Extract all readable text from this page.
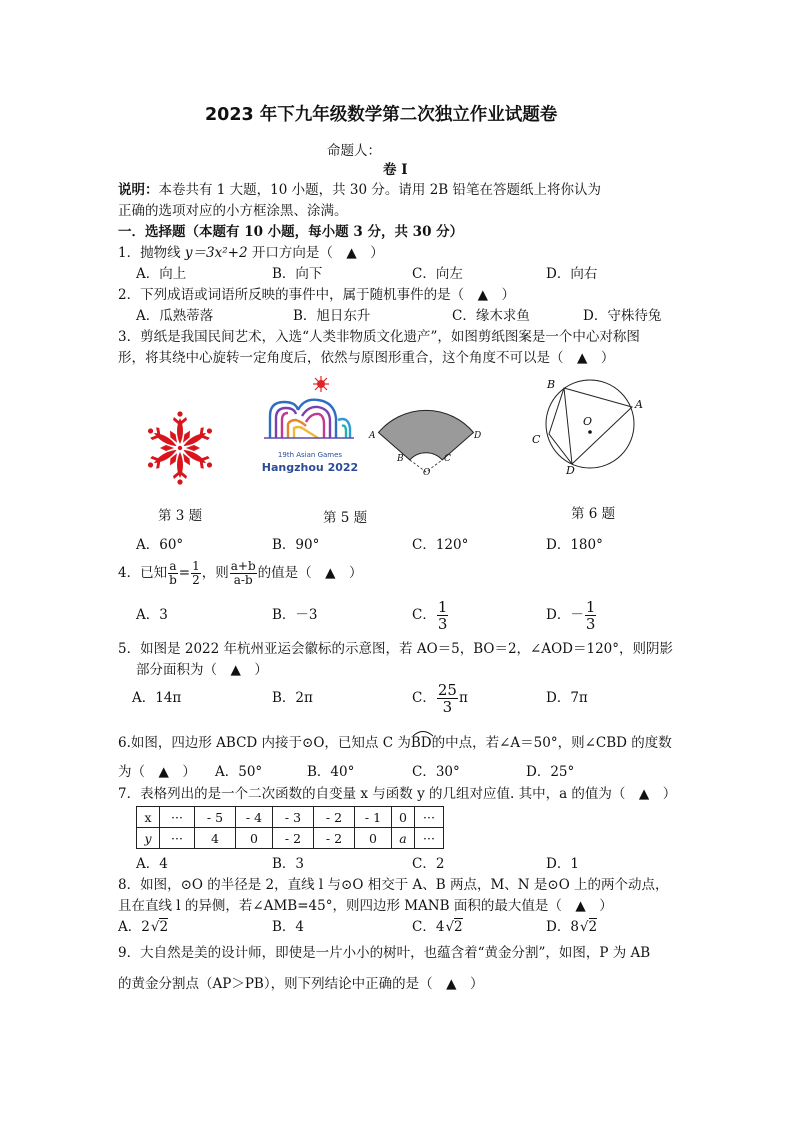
2023 年下九年级数学第二次独立作业试题卷
命题人：
卷 I
说明：本卷共有 1 大题，10 小题，共 30 分。请用 2B 铅笔在答题纸上将你认为
正确的选项对应的小方框涂黑、涂满。
一．选择题（本题有 10 小题，每小题 3 分，共 30 分）
1．抛物线 y＝3x²+2 开口方向是（　▲　）
A．向上	B．向下	C．向左	D．向右
2．下列成语或词语所反映的事件中，属于随机事件的是（　▲　）
A．瓜熟蒂落	B．旭日东升	C．缘木求鱼	D．守株待兔
3．剪纸是我国民间艺术，入选“人类非物质文化遗产”，如图剪纸图案是一个中心对称图
形，将其绕中心旋转一定角度后，依然与原图形重合，这个角度不可以是（　▲　）
第 3 题
19th Asian Games
Hangzhou 2022
A
B
O
C
D
第 5 题
B
A
O
C
D
第 6 题
A．60°	B．90°	C．120°	D．180°
4．已知 $\frac{a}{b} = \frac{1}{2}$ ，则 $\frac{a+b}{a-b}$ 的值是（　▲　）
A．3	B．－3	C． $\frac{1}{3}$	D．－ $\frac{1}{3}$
5．如图是 2022 年杭州亚运会徽标的示意图，若 AO＝5，BO＝2，∠AOD＝120°，则阴影
部分面积为（　▲　）
A．14π	B．2π	C． $\frac{25}{3}$ π	D．7π
6.如图，四边形 ABCD 内接于⊙O，已知点 C 为
BD的中点，若∠A＝50°，则∠CBD 的度数
为（　▲　） A．50°	B．40°	C．30°	D．25°
7．表格列出的是一个二次函数的自变量 x 与函数 y 的几组对应值. 其中，a 的值为（　▲　）
x	···	- 5	- 4	- 3	- 2	- 1	0	···
y	···	4	0	- 2	- 2	0	a	···
A．4	B．3	C．2	D．1
8．如图，⊙O 的半径是 2，直线 l 与⊙O 相交于 A、B 两点，M、N 是⊙O 上的两个动点，
且在直线 l 的异侧，若∠AMB=45°，则四边形 MANB 面积的最大值是（　▲　）
A．2√2	B．4	C．4√2	D．8√2
9．大自然是美的设计师，即使是一片小小的树叶，也蕴含着“黄金分割”，如图，P 为 AB
的黄金分割点（AP＞PB），则下列结论中正确的是（　▲　）
